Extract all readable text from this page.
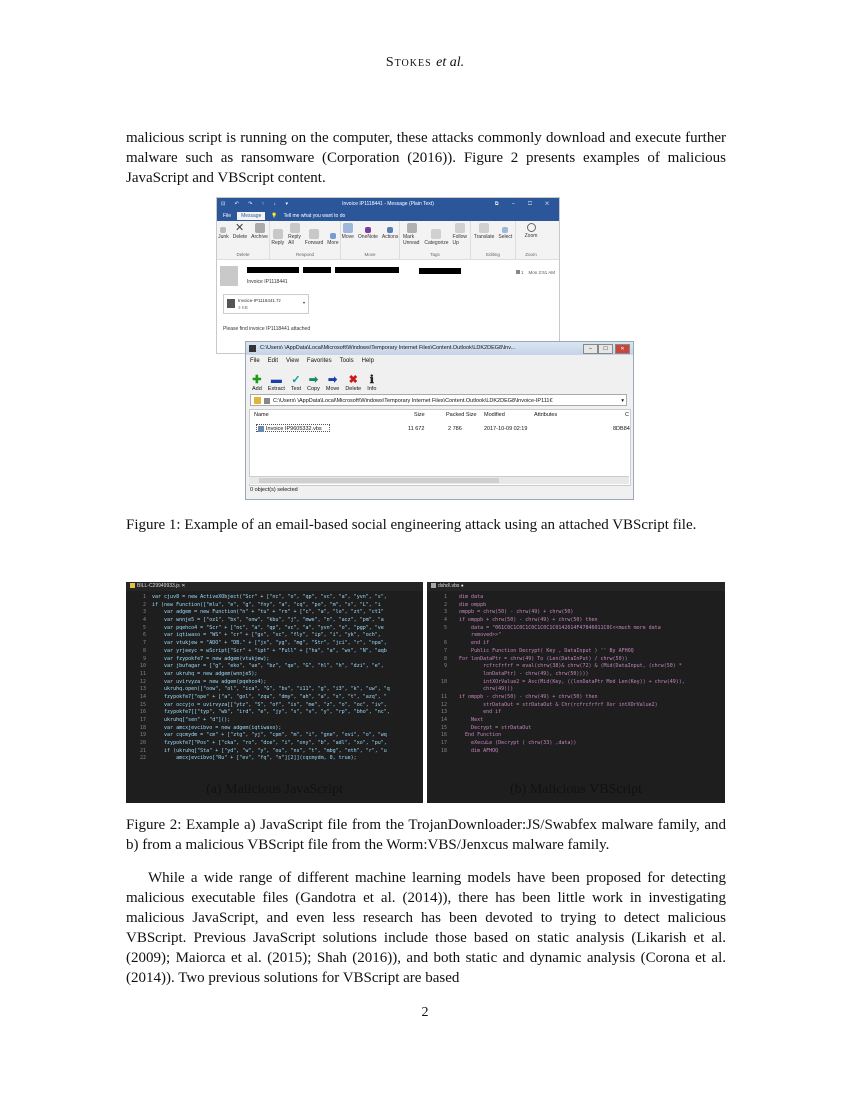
Stokes et al.
malicious script is running on the computer, these attacks commonly download and execute further malware such as ransomware (Corporation (2016)). Figure 2 presents examples of malicious JavaScript and VBScript content.
⊡ ↶ ↷ ↑ ↓ ▾	Invoice IP1118441 - Message (Plain Text)	⧉ – ☐ ✕
File	Message	💡 Tell me what you want to do
Junk
✕
Delete Archive
Delete
Reply
Reply All	Forward More
Respond
Move OneNote Actions
Move
Mark Unread Categorize
Follow Up
Tags
Translate Select
Editing
Zoom
Zoom
Invoice IP1118441
1 Mon 2:51 AM
Invoice-IP1118441.7z
3 KB
▾
Please find invoice IP1118441 attached
C:\Users\ \AppData\Local\Microsoft\Windows\Temporary Internet Files\Content.Outlook\LDK2DEG8\Inv...	–	☐	✕
File Edit View Favorites Tools Help
✚
Add
▬
Extract
✓
Test
➡
Copy
➡
Move
✖
Delete
ℹ
Info
C:\Users\ \AppData\Local\Microsoft\Windows\Temporary Internet Files\Content.Outlook\LDK2DEG8\Invoice-IP111€	▾
Name	Size	Packed Size Modified	Attributes	C
Invoice IP9605332.vbs	11 672	2 786	2017-10-09 02:19	8DB84
0 object(s) selected
Figure 1: Example of an email-based social engineering attack using an attached VBScript file.
BILL-C29949933.js ✕
1 var cjuv8 = new ActiveXObject("Scr" + ["nc", "o", "qp", "vc", "a", "yvn", "s",
2 if (new Function(["mlu", "e", "g", "fny", "a", "cq", "po", "m", "s", "L", "i
3    var adgem = new Function("n" + "tu" + "rn" + ["c", "a", "lo", "zt", "ct1"
4    var wnnje5 = ["oz1", "bx", "onw", "kbu", "j", "mwe", "n", "acz", "pm", "a
5    var pqehco4 = "Scr" + ["nc", "a", "qp", "vc", "a", "yvn", "o", "pgp", "ve
6    var iqtiwaso = "WS" + "cr" + ["gs", "sc", "fly", "ip", "i", "yk", "och",
7    var vtukjew = "ADO" + "DB." + ["jx", "yg", "mg", "Str", "jci", "r", "npa",
8    var yrjeeyc = wScript["Scr" + "ipt" + "Full" + ["ha", "a", "ws", "N", "aqb
9    var fzypokfe7 = new adgem(vtukjew);
10    var jbufagar = ["g", "eko", "ue", "bz", "qe", "G", "hl", "h", "dzi", "e",
11    var ukruhq = new adgem(wnnje5);
12    var uvirvyza = new adgem(pqehco4);
13    ukruhq.open(["oow", "ol", "ica", "G", "bv", "i11", "g", "i3", "k", "uw", "q
14    fzypokfe7["ope" + ["a", "gol", "zqu", "dmy", "ah", "a", "s", "t", "azq", "
15    var occyjo = uvirvyza[["ytz", "S", "of", "is", "me", "z", "o", "oc", "iv",
16    fzypokfe7[["typ", "wb", "ird", "e", "jy", "s", "v", "y", "rp", "bho", "nc",
17    ukruhq["sen" + "d"]();
18    var amcxjevcibvo = new adgem(iqtiwaso);
19    var cqcmydm = "cm" + ["ztg", "yj", "cpm", "m", "i", "gne", "ovi", "o", "wq
20    fzypokfe7["Pos" + ["cka", "ro", "dce", "i", "ony", "b", "adl", "xo", "pu",
21    if (ukruhq["Sta" + ["yd", "w", "y", "ou", "ns", "t", "mbg", "nth", "r", "u
22        amcxjevcibvo["Ru" + ["ev", "fq", "n"][2]](cqcmydm, 0, true);
dshd\.vbs ●
1  dim data
2  dim omppb
3  omppb = chrw(50) - chrw(49) + chrw(50)
4  if omppb + chrw(50) - chrw(49) + chrw(50) then
5      data = "061C0C1C0C1C0C1C0C1C0142614F47846011C0C<<much more data
removed>>"
6      end if
7      Public Function Decrypt( Key , DataInput ) '' By AFHOQ
8  For lonDataPtr = chrw(49) To (Len(DataInPut) / chrw(50))
9          rcfrcfrfrf = eval(chrw(38)& chrw(72) & (Mid(DataInput, (chrw(50) *
lonDataPtr) - chrw(49), chrw(50))))
10          intXOrValue2 = Asc(Mid(Key, ((lonDataPtr Mod Len(Key)) + chrw(49)),
chrw(49)))
11  if omppb - chrw(50) - chrw(49) + chrw(50) then
12          strDataOut = strDataOut & Chr(rcfrcfrfrf Xor intXOrValue2)
13          end if
14      Next
15      Decrypt = strDataOut
16    End Function
17      eXecuLe (Decrypt ( chrw(33) ,data))
18      dim AFHOQ
(a) Malicious JavaScript	(b) Malicious VBScript
Figure 2: Example a) JavaScript file from the TrojanDownloader:JS/Swabfex malware family, and b) from a malicious VBScript file from the Worm:VBS/Jenxcus malware family.
While a wide range of different machine learning models have been proposed for detecting malicious executable files (Gandotra et al. (2014)), there has been little work in investigating malicious JavaScript, and even less research has been devoted to trying to detect malicious VBScript. Previous JavaScript solutions include those based on static analysis (Likarish et al. (2009); Maiorca et al. (2015); Shah (2016)), and both static and dynamic analysis (Corona et al. (2014)). Two previous solutions for VBScript are based
2
